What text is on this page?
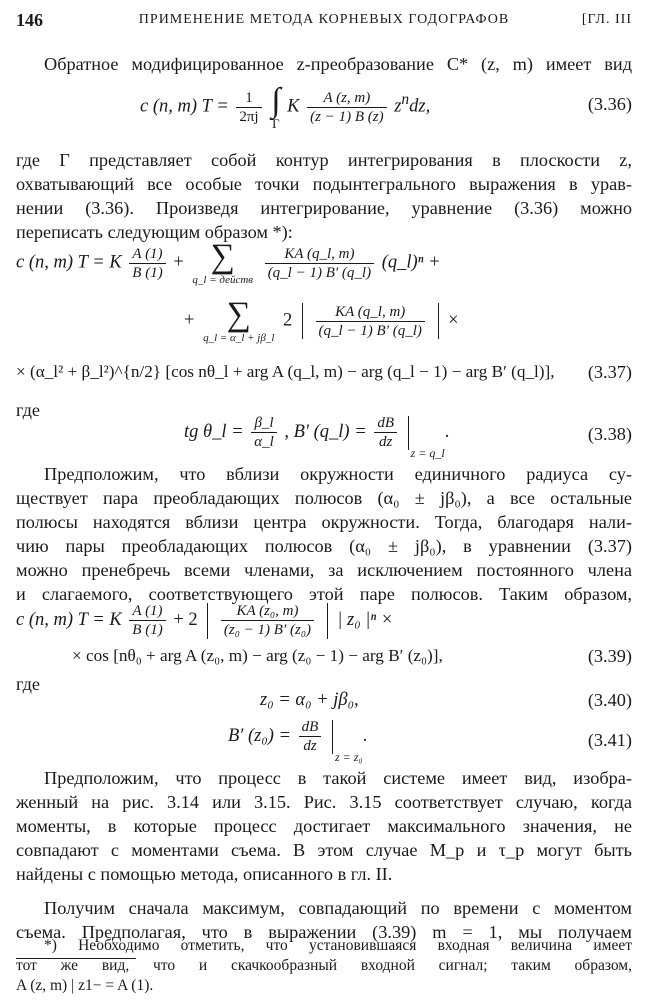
146	ПРИМЕНЕНИЕ МЕТОДА КОРНЕВЫХ ГОДОГРАФОВ	[ГЛ. III
Обратное модифицированное z-преобразование C* (z, m) имеет вид
c (n, m) $T = \frac{1}{2\pi j}$
∫
Γ
K $\frac{A (z, m)}{(z - 1) B (z)} z^ndz$,	(3.36)
где Γ представляет собой контур интегрирования в плоскости z,
охватывающий все особые точки подынтегрального выражения в урав-
нении (3.36). Произведя интегрирование, уравнение (3.36) можно
переписать следующим образом *):
c (n, m) T = K $\frac{A (1)}{B (1)}$ + ∑
q_l = действ
$\frac{KA (q\_l, m)}{(q\_l - 1) B' (q\_l)}$ (q_l)ⁿ +
+ ∑
q_l = α_l + jβ_l
$2 \frac{KA (q\_l, m)}{(q\_l - 1) B' (q\_l)}$ ×
× (α_l² + β_l²)^{n/2} [cos nθ_l + arg A (q_l, m) − arg (q_l − 1) − arg B′ (q_l)], (3.37)
где
tg θ_l = $\frac{\beta\_l}{\alpha\_l}$ , B′ (q_l) = $\frac{dB}{dz}$
z = q_l.	(3.38)
Предположим, что вблизи окружности единичного радиуса су-
ществует пара преобладающих полюсов (α₀ ± jβ₀), а все остальные
полюсы находятся вблизи центра окружности. Тогда, благодаря нали-
чию пары преобладающих полюсов (α₀ ± jβ₀), в уравнении (3.37)
можно пренебречь всеми членами, за исключением постоянного члена
и слагаемого, соответствующего этой паре полюсов. Таким образом,
c (n, m) T = K $\frac{A (1)}{B (1)} + 2 \frac{\text{KA (z₀, m)}}{\text{(z₀ − 1) B′ (z₀)}}$ | z₀ |ⁿ ×
× cos [nθ₀ + arg A (z₀, m) − arg (z₀ − 1) − arg B′ (z₀)],	(3.39)
где
z₀ = α₀ + jβ₀,	(3.40)
B′ $(z_0) = \frac{dB}{dz}$
z = z₀.	(3.41)
Предположим, что процесс в такой системе имеет вид, изобра-
женный на рис. 3.14 или 3.15. Рис. 3.15 соответствует случаю, когда
моменты, в которые процесс достигает максимального значения, не
совпадают с моментами съема. В этом случае M_p и τ_p могут быть
найдены с помощью метода, описанного в гл. II.
Получим сначала максимум, совпадающий по времени с моментом
съема. Предполагая, что в выражении (3.39) m = 1, мы получаем
*) Необходимо отметить, что установившаяся входная величина имеет
тот же вид, что и скачкообразный входной сигнал; таким образом,
A (z, m) | z1− = A (1).
